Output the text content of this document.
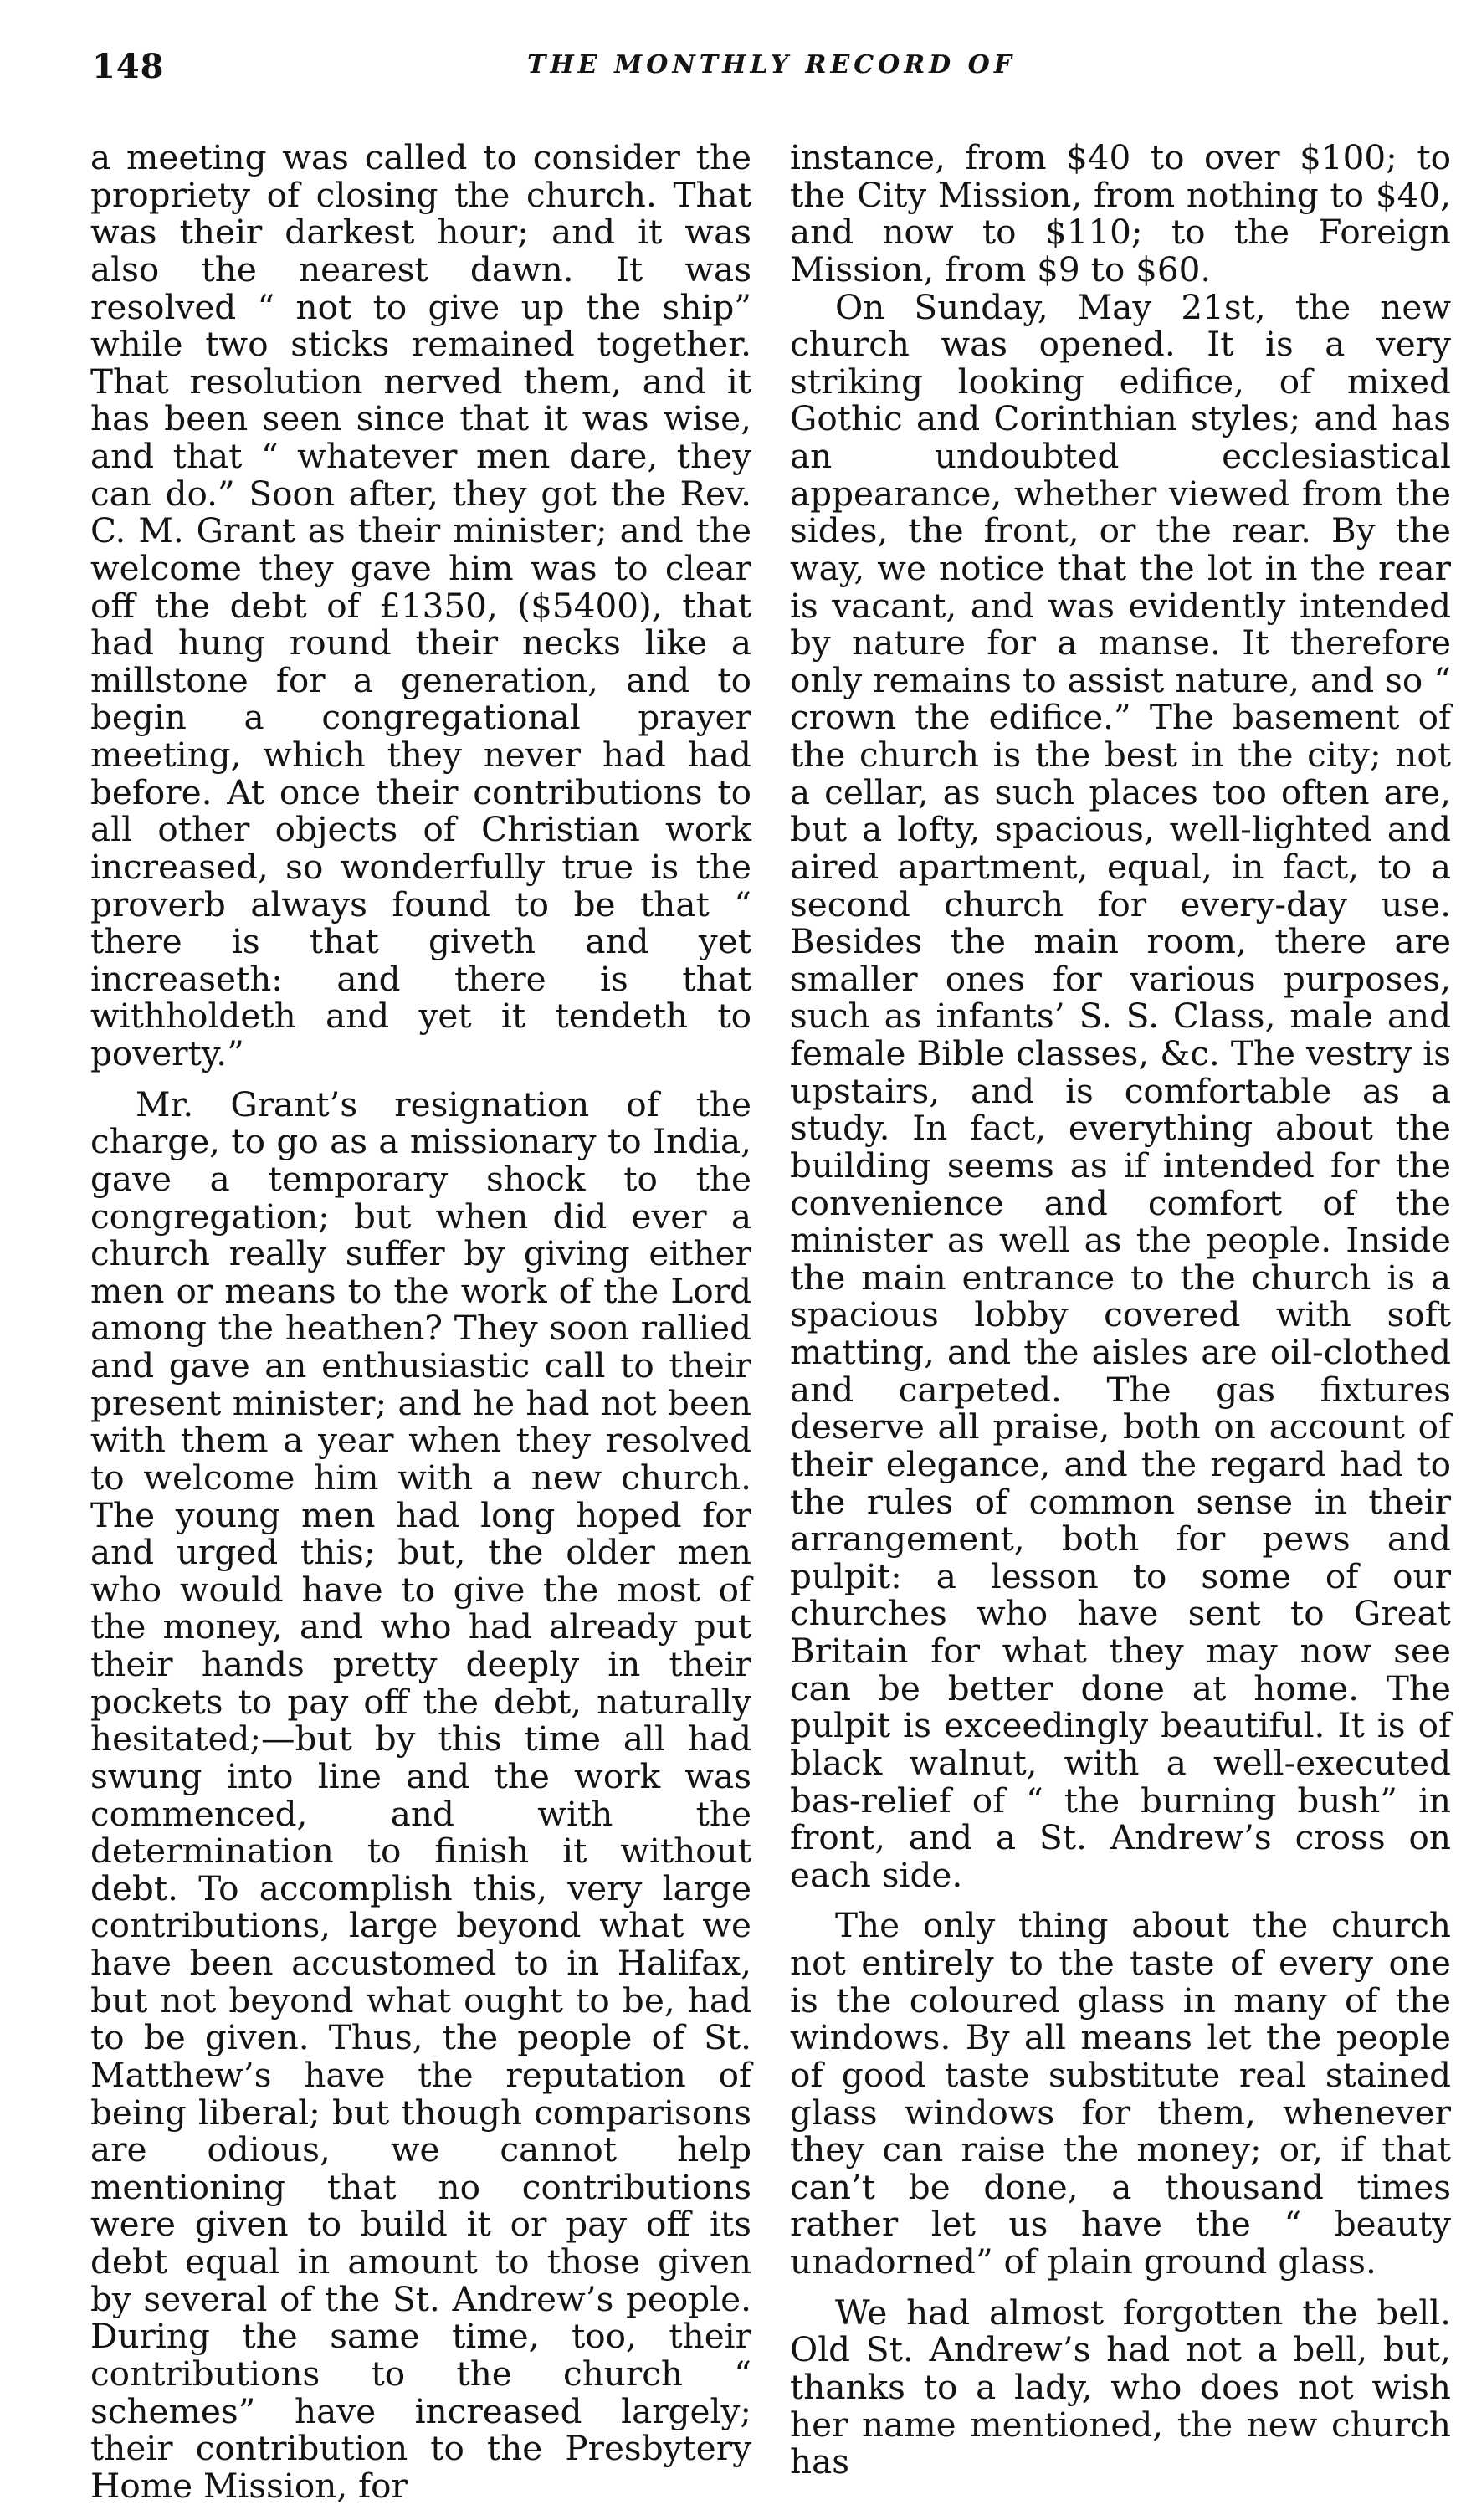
148	THE MONTHLY RECORD OF

a meeting was called to consider the propriety of closing the church. That was their darkest hour; and it was also the nearest dawn. It was resolved “ not to give up the ship” while two sticks remained together. That resolution nerved them, and it has been seen since that it was wise, and that “ whatever men dare, they can do.” Soon after, they got the Rev. C. M. Grant as their minister; and the welcome they gave him was to clear off the debt of £1350, ($5400), that had hung round their necks like a millstone for a generation, and to begin a congregational prayer meeting, which they never had had before. At once their contributions to all other objects of Christian work increased, so wonderfully true is the proverb always found to be that “ there is that giveth and yet increaseth: and there is that withholdeth and yet it tendeth to poverty.”

Mr. Grant’s resignation of the charge, to go as a missionary to India, gave a temporary shock to the congregation; but when did ever a church really suffer by giving either men or means to the work of the Lord among the heathen? They soon rallied and gave an enthusiastic call to their present minister; and he had not been with them a year when they resolved to welcome him with a new church. The young men had long hoped for and urged this; but, the older men who would have to give the most of the money, and who had already put their hands pretty deeply in their pockets to pay off the debt, naturally hesitated;—but by this time all had swung into line and the work was commenced, and with the determination to finish it without debt. To accomplish this, very large contributions, large beyond what we have been accustomed to in Halifax, but not beyond what ought to be, had to be given. Thus, the people of St. Matthew’s have the reputation of being liberal; but though comparisons are odious, we cannot help mentioning that no contributions were given to build it or pay off its debt equal in amount to those given by several of the St. Andrew’s people. During the same time, too, their contributions to the church “ schemes” have increased largely; their contribution to the Presbytery Home Mission, for

instance, from $40 to over $100; to the City Mission, from nothing to $40, and now to $110; to the Foreign Mission, from $9 to $60.

On Sunday, May 21st, the new church was opened. It is a very striking looking edifice, of mixed Gothic and Corinthian styles; and has an undoubted ecclesiastical appearance, whether viewed from the sides, the front, or the rear. By the way, we notice that the lot in the rear is vacant, and was evidently intended by nature for a manse. It therefore only remains to assist nature, and so “ crown the edifice.” The basement of the church is the best in the city; not a cellar, as such places too often are, but a lofty, spacious, well-lighted and aired apartment, equal, in fact, to a second church for every-day use. Besides the main room, there are smaller ones for various purposes, such as infants’ S. S. Class, male and female Bible classes, &c. The vestry is upstairs, and is comfortable as a study. In fact, everything about the building seems as if intended for the convenience and comfort of the minister as well as the people. Inside the main entrance to the church is a spacious lobby covered with soft matting, and the aisles are oil-clothed and carpeted. The gas fixtures deserve all praise, both on account of their elegance, and the regard had to the rules of common sense in their arrangement, both for pews and pulpit: a lesson to some of our churches who have sent to Great Britain for what they may now see can be better done at home. The pulpit is exceedingly beautiful. It is of black walnut, with a well-executed bas-relief of “ the burning bush” in front, and a St. Andrew’s cross on each side.

The only thing about the church not entirely to the taste of every one is the coloured glass in many of the windows. By all means let the people of good taste substitute real stained glass windows for them, whenever they can raise the money; or, if that can’t be done, a thousand times rather let us have the “ beauty unadorned” of plain ground glass.

We had almost forgotten the bell. Old St. Andrew’s had not a bell, but, thanks to a lady, who does not wish her name mentioned, the new church has
